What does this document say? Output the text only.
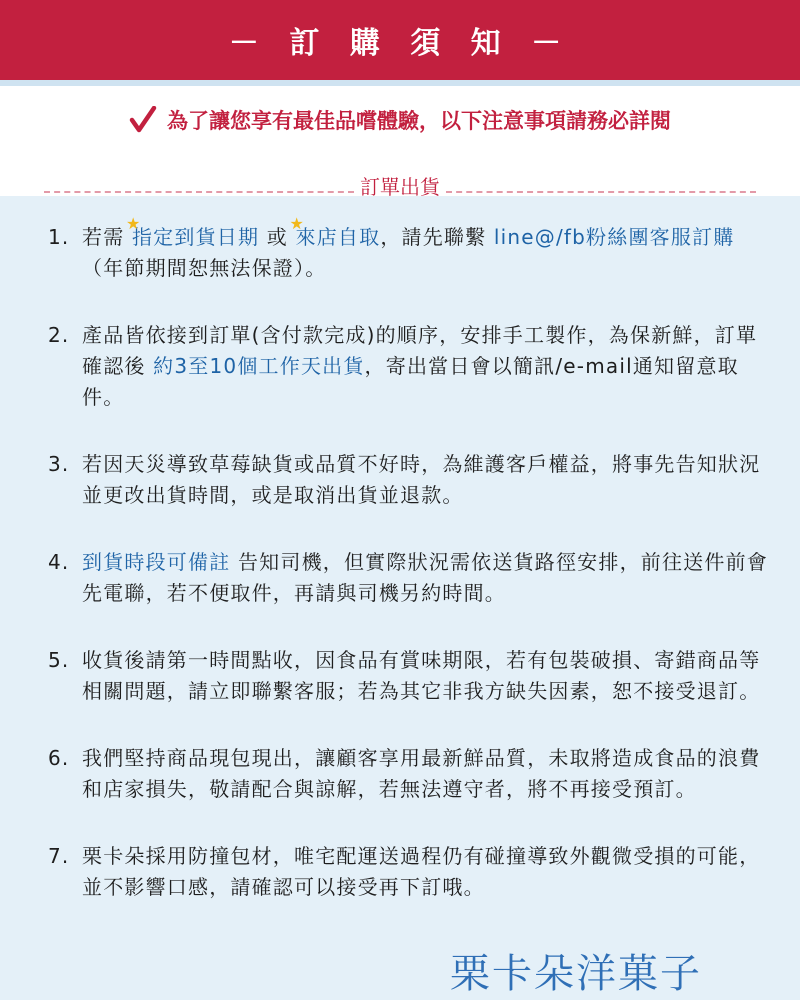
－ 訂 購 須 知 －
為了讓您享有最佳品嚐體驗，以下注意事項請務必詳閱
訂單出貨
1. 若需
★
指定到貨日期 或
★
來店自取，請先聯繫 line@/fb粉絲團客服訂購（年節期間恕無法保證）。
2. 產品皆依接到訂單(含付款完成)的順序，安排手工製作，為保新鮮，訂單確認後 約3至10個工作天出貨，寄出當日會以簡訊/e-mail通知留意取件。
3. 若因天災導致草莓缺貨或品質不好時，為維護客戶權益，將事先告知狀況並更改出貨時間，或是取消出貨並退款。
4. 到貨時段可備註 告知司機，但實際狀況需依送貨路徑安排，前往送件前會先電聯，若不便取件，再請與司機另約時間。
5. 收貨後請第一時間點收，因食品有賞味期限，若有包裝破損、寄錯商品等相關問題，請立即聯繫客服；若為其它非我方缺失因素，恕不接受退訂。
6. 我們堅持商品現包現出，讓顧客享用最新鮮品質，未取將造成食品的浪費和店家損失，敬請配合與諒解，若無法遵守者，將不再接受預訂。
7. 栗卡朵採用防撞包材，唯宅配運送過程仍有碰撞導致外觀微受損的可能，並不影響口感，請確認可以接受再下訂哦。
栗卡朵洋菓子
